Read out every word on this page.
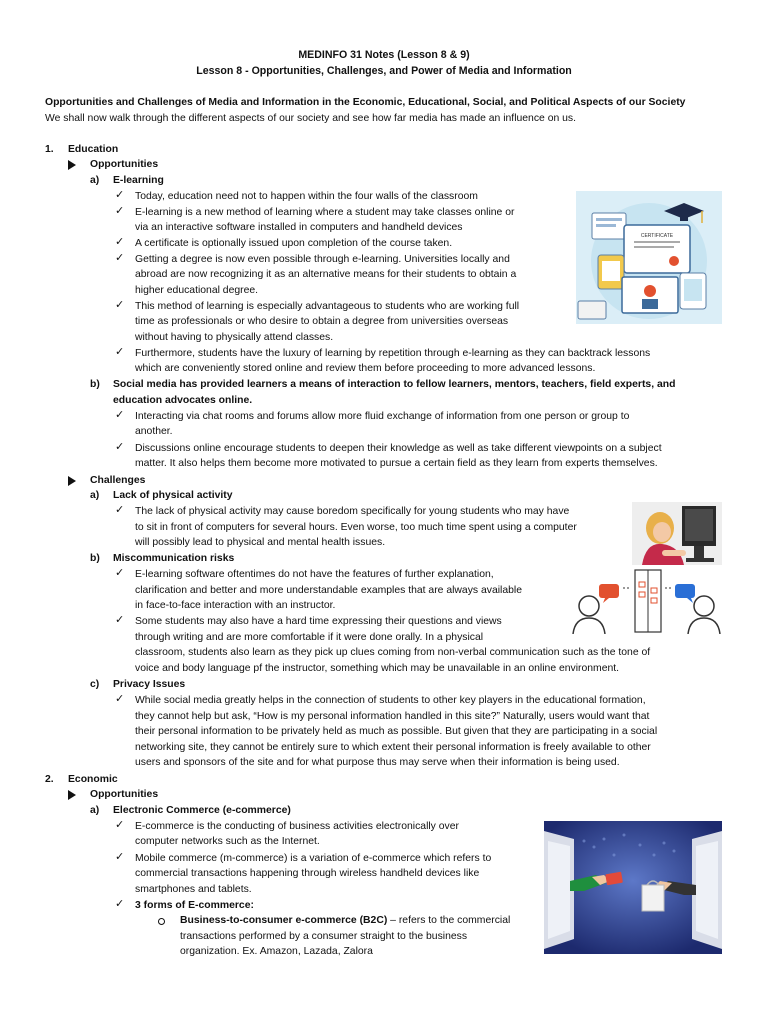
MEDINFO 31 Notes (Lesson 8 & 9)
Lesson 8 - Opportunities, Challenges, and Power of Media and Information
Opportunities and Challenges of Media and Information in the Economic, Educational, Social, and Political Aspects of our Society
We shall now walk through the different aspects of our society and see how far media has made an influence on us.
1. Education
Opportunities
a) E-learning
✓ Today, education need not to happen within the four walls of the classroom
✓ E-learning is a new method of learning where a student may take classes online or
via an interactive software installed in computers and handheld devices
✓ A certificate is optionally issued upon completion of the course taken.
✓ Getting a degree is now even possible through e-learning. Universities locally and
abroad are now recognizing it as an alternative means for their students to obtain a
higher educational degree.
✓ This method of learning is especially advantageous to students who are working full
time as professionals or who desire to obtain a degree from universities overseas
without having to physically attend classes.
✓ Furthermore, students have the luxury of learning by repetition through e-learning as they can backtrack lessons
which are conveniently stored online and review them before proceeding to more advanced lessons.
CERTIFICATE
b) Social media has provided learners a means of interaction to fellow learners, mentors, teachers, field experts, and
education advocates online.
✓ Interacting via chat rooms and forums allow more fluid exchange of information from one person or group to
another.
✓ Discussions online encourage students to deepen their knowledge as well as take different viewpoints on a subject
matter. It also helps them become more motivated to pursue a certain field as they learn from experts themselves.
Challenges
a) Lack of physical activity
✓ The lack of physical activity may cause boredom specifically for young students who may have
to sit in front of computers for several hours. Even worse, too much time spent using a computer
will possibly lead to physical and mental health issues.
b) Miscommunication risks
✓ E-learning software oftentimes do not have the features of further explanation,
clarification and better and more understandable examples that are always available
in face-to-face interaction with an instructor.
✓ Some students may also have a hard time expressing their questions and views
through writing and are more comfortable if it were done orally. In a physical
classroom, students also learn as they pick up clues coming from non-verbal communication such as the tone of
voice and body language pf the instructor, something which may be unavailable in an online environment.
c) Privacy Issues
✓ While social media greatly helps in the connection of students to other key players in the educational formation,
they cannot help but ask, “How is my personal information handled in this site?” Naturally, users would want that
their personal information to be privately held as much as possible. But given that they are participating in a social
networking site, they cannot be entirely sure to which extent their personal information is freely available to other
users and sponsors of the site and for what purpose thus may serve when their information is being used.
2. Economic
Opportunities
a) Electronic Commerce (e-commerce)
✓ E-commerce is the conducting of business activities electronically over
computer networks such as the Internet.
✓ Mobile commerce (m-commerce) is a variation of e-commerce which refers to
commercial transactions happening through wireless handheld devices like
smartphones and tablets.
✓ 3 forms of E-commerce:
Business-to-consumer e-commerce (B2C) – refers to the commercial
transactions performed by a consumer straight to the business
organization. Ex. Amazon, Lazada, Zalora
